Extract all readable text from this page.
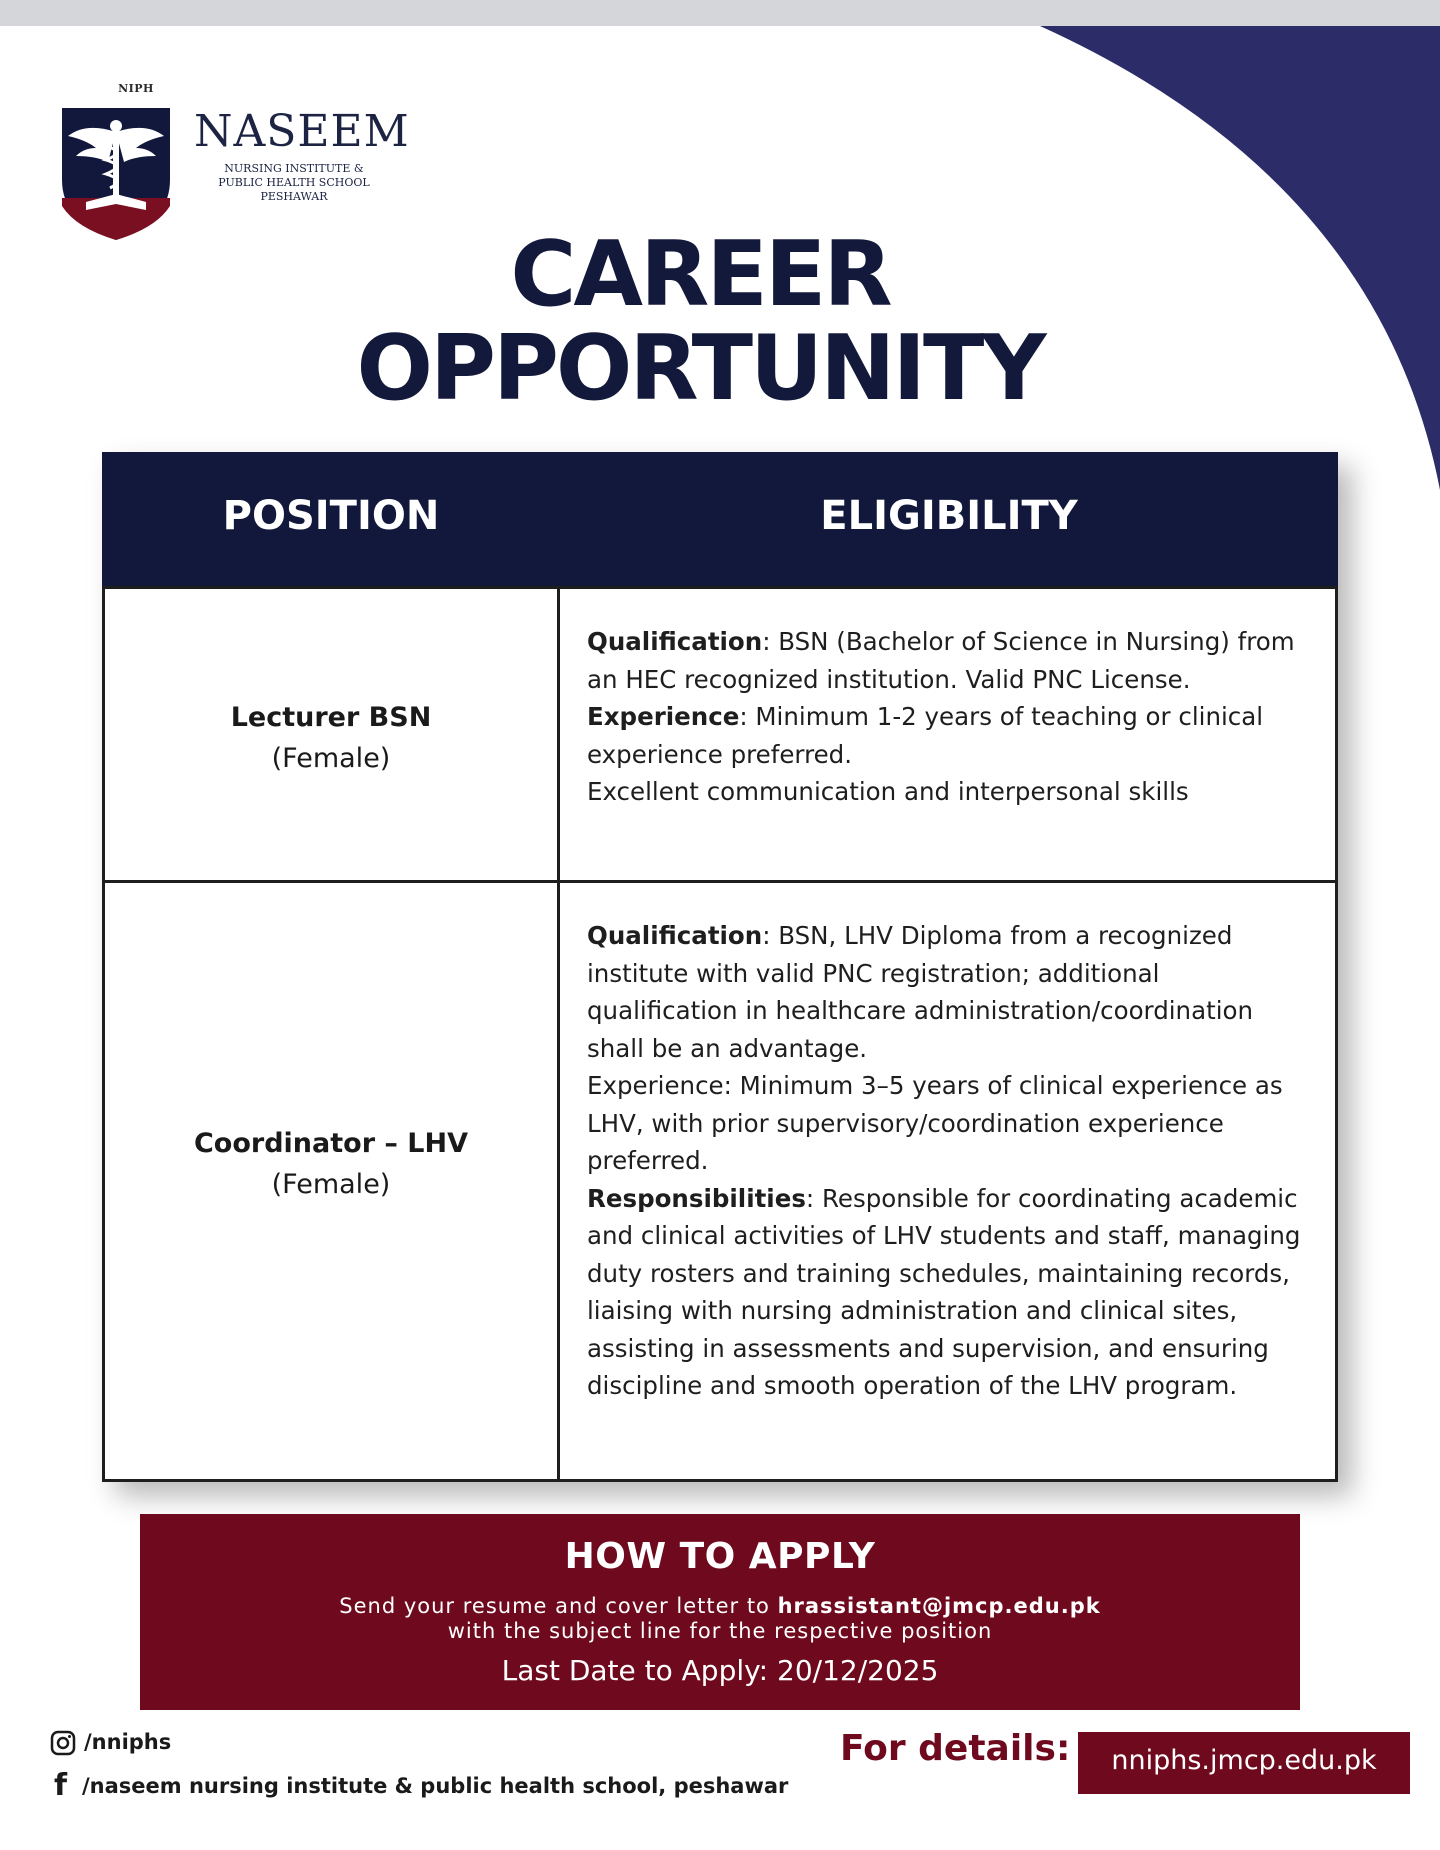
NIPH
NASEEM
NURSING INSTITUTE &
PUBLIC HEALTH SCHOOL
PESHAWAR
CAREER
OPPORTUNITY
POSITION	ELIGIBILITY
Lecturer BSN
(Female)

Qualification: BSN (Bachelor of Science in Nursing) from an HEC recognized institution. Valid PNC License.

Experience: Minimum 1-2 years of teaching or clinical experience preferred.

Excellent communication and interpersonal skills

Coordinator – LHV
(Female)

Qualification: BSN, LHV Diploma from a recognized institute with valid PNC registration; additional qualification in healthcare administration/coordination shall be an advantage.

Experience: Minimum 3–5 years of clinical experience as LHV, with prior supervisory/coordination experience preferred.

Responsibilities: Responsible for coordinating academic and clinical activities of LHV students and staff, managing duty rosters and training schedules, maintaining records, liaising with nursing administration and clinical sites, assisting in assessments and supervision, and ensuring discipline and smooth operation of the LHV program.

HOW TO APPLY
Send your resume and cover letter to hrassistant@jmcp.edu.pk
with the subject line for the respective position
Last Date to Apply: 20/12/2025
/nniphs
f /naseem nursing institute & public health school, peshawar
For details:	nniphs.jmcp.edu.pk
